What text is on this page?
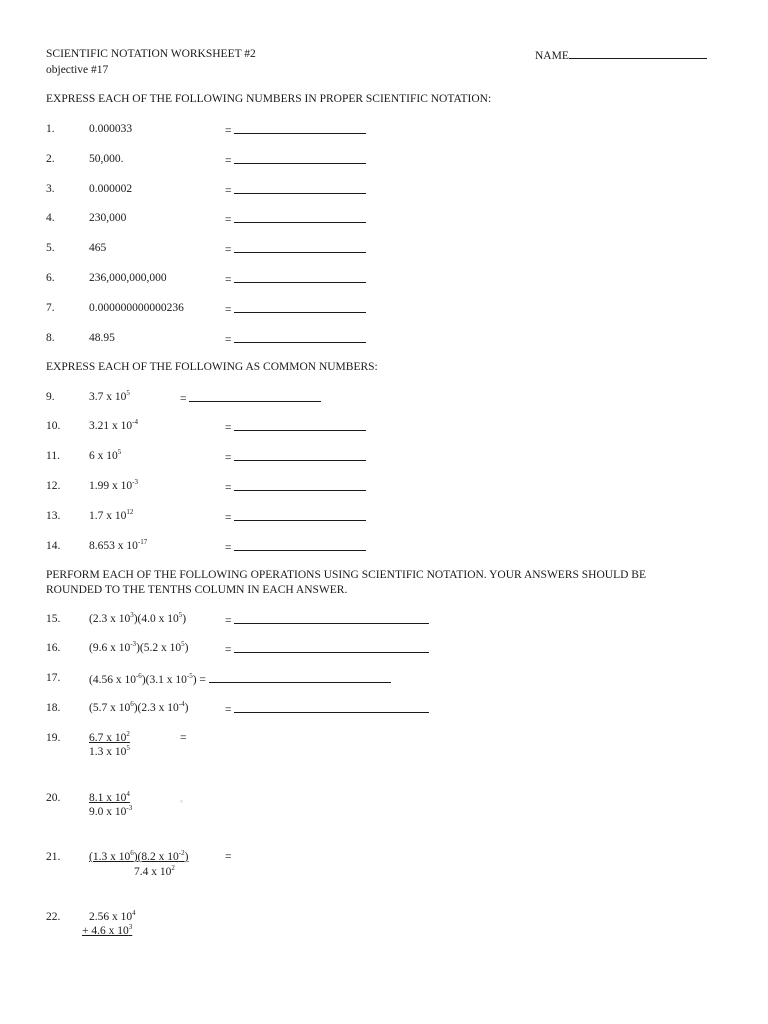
SCIENTIFIC NOTATION WORKSHEET #2
objective #17
NAME
EXPRESS EACH OF THE FOLLOWING NUMBERS IN PROPER SCIENTIFIC NOTATION:
1.	0.000033	=
2.	50,000.	=
3.	0.000002	=
4.	230,000	=
5.	465	=
6.	236,000,000,000	=
7.	0.000000000000236	=
8.	48.95	=
EXPRESS EACH OF THE FOLLOWING AS COMMON NUMBERS:
9.	3.7 x $10^5$	=
10. 3.21 x $10^{-4}$	=
11.	6 x $10^5$	=
12. 1.99 x $10^{-3}$	=
13. 1.7 x $10^{12}$	=
14. 8.653 x $10^{-17}$	=
PERFORM EACH OF THE FOLLOWING OPERATIONS USING SCIENTIFIC NOTATION. YOUR ANSWERS SHOULD BE
ROUNDED TO THE TENTHS COLUMN IN EACH ANSWER.
15. (2.3 x $10^3)(4.0$ x $10^5$)	=
16. (9.6 x $10^{-3})(5.2$ x $10^5$)	=
17. (4.56 x $10^{-6})(3.1$ x $10^{-5}$) =
18. (5.7 x $10^6)(2.3$ x $10^{-4}$)	=
19. 6.7 x $10^2$
1.3 x $10^5$
=
20. 8.1 x $10^4$
9.0 x $10^{-3}$
▫
21. (1.3 x $10^6)(8.2$ x $10^{-2}$)
7.4 x $10^2$
=
22. 2.56 x $10^4$
+ 4.6 x $10^3$
